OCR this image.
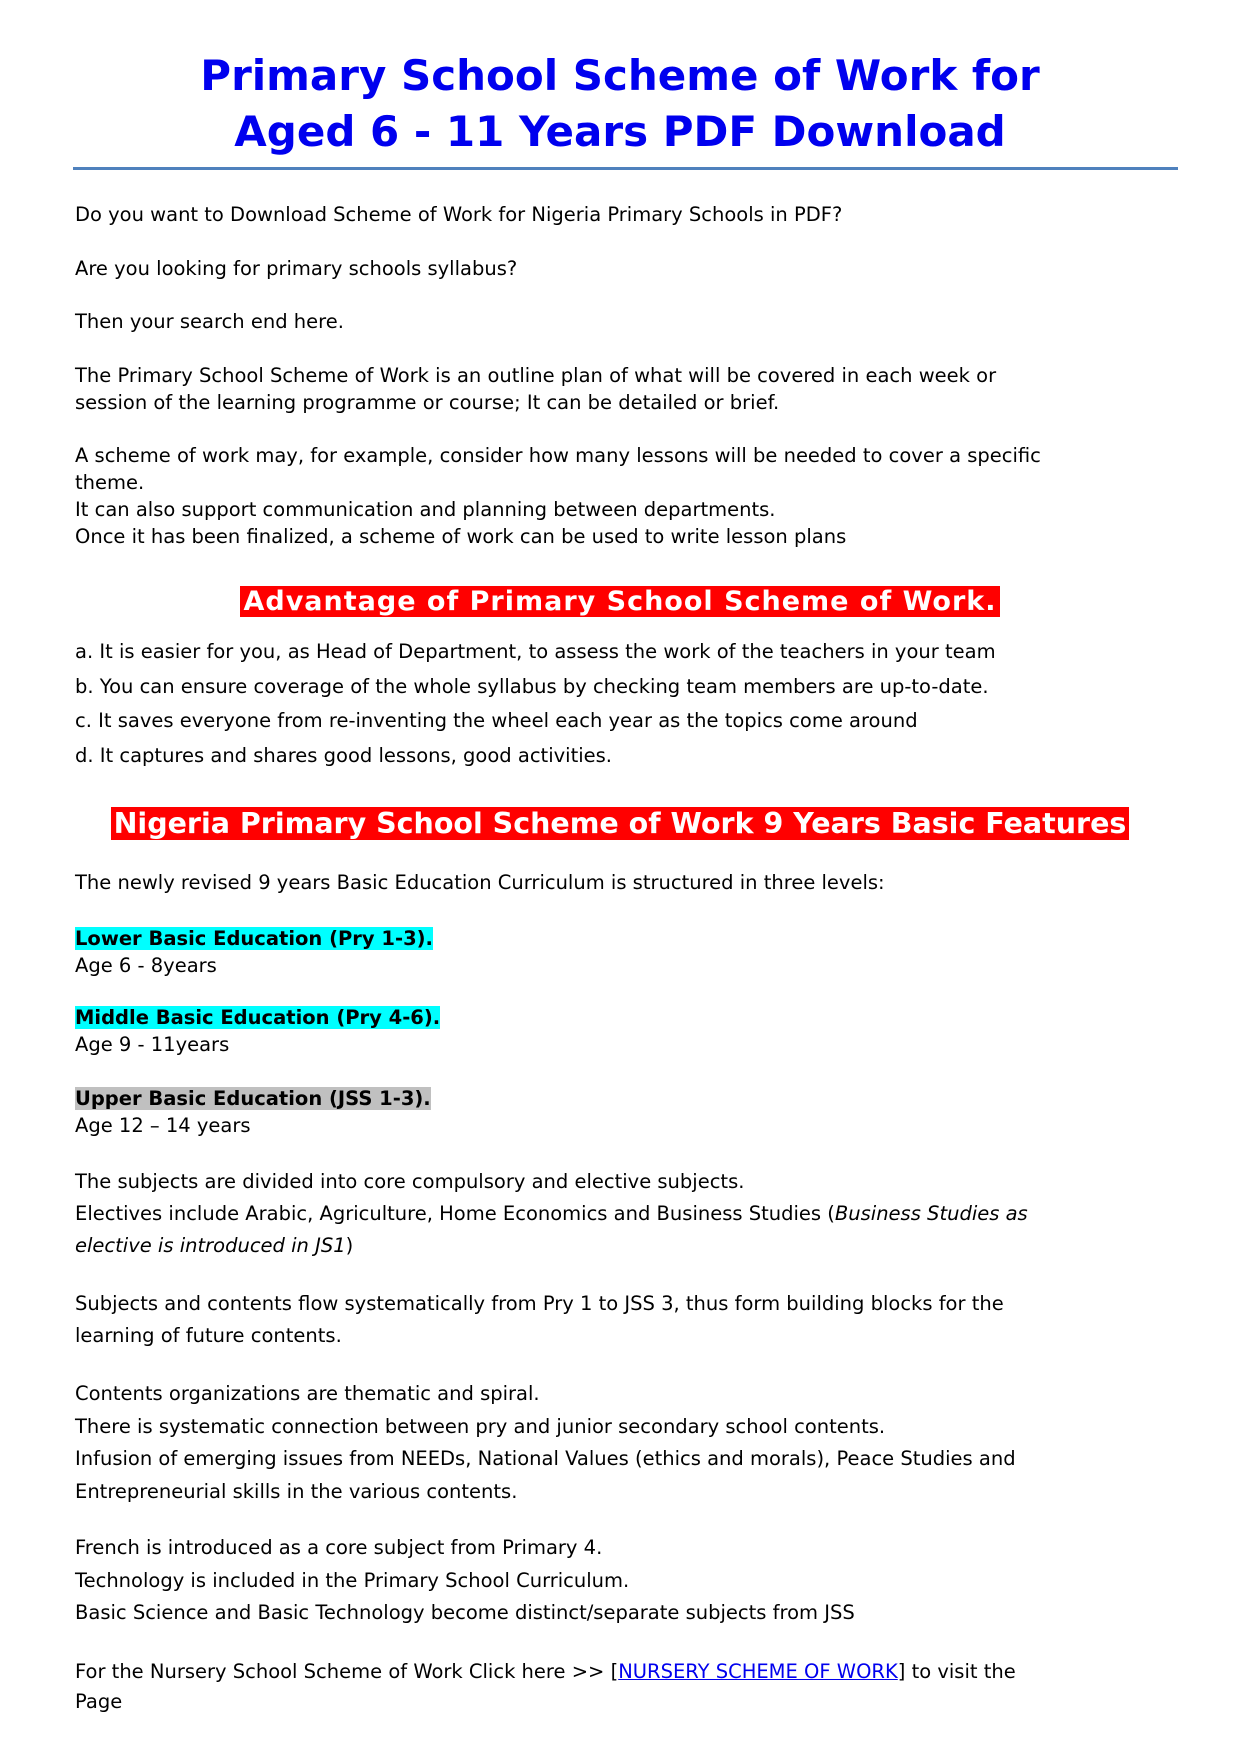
Primary School Scheme of Work for
Aged 6 - 11 Years PDF Download
Do you want to Download Scheme of Work for Nigeria Primary Schools in PDF?
Are you looking for primary schools syllabus?
Then your search end here.
The Primary School Scheme of Work is an outline plan of what will be covered in each week or
session of the learning programme or course; It can be detailed or brief.
A scheme of work may, for example, consider how many lessons will be needed to cover a specific
theme.
It can also support communication and planning between departments.
Once it has been finalized, a scheme of work can be used to write lesson plans
Advantage of Primary School Scheme of Work.
a. It is easier for you, as Head of Department, to assess the work of the teachers in your team
b. You can ensure coverage of the whole syllabus by checking team members are up-to-date.
c. It saves everyone from re-inventing the wheel each year as the topics come around
d. It captures and shares good lessons, good activities.
Nigeria Primary School Scheme of Work 9 Years Basic Features
The newly revised 9 years Basic Education Curriculum is structured in three levels:
Lower Basic Education (Pry 1-3).
Age 6 - 8years
Middle Basic Education (Pry 4-6).
Age 9 - 11years
Upper Basic Education (JSS 1-3).
Age 12 – 14 years
The subjects are divided into core compulsory and elective subjects.
Electives include Arabic, Agriculture, Home Economics and Business Studies (Business Studies as
elective is introduced in JS1)
Subjects and contents flow systematically from Pry 1 to JSS 3, thus form building blocks for the
learning of future contents.
Contents organizations are thematic and spiral.
There is systematic connection between pry and junior secondary school contents.
Infusion of emerging issues from NEEDs, National Values (ethics and morals), Peace Studies and
Entrepreneurial skills in the various contents.
French is introduced as a core subject from Primary 4.
Technology is included in the Primary School Curriculum.
Basic Science and Basic Technology become distinct/separate subjects from JSS
For the Nursery School Scheme of Work Click here >> [NURSERY SCHEME OF WORK] to visit the
Page
